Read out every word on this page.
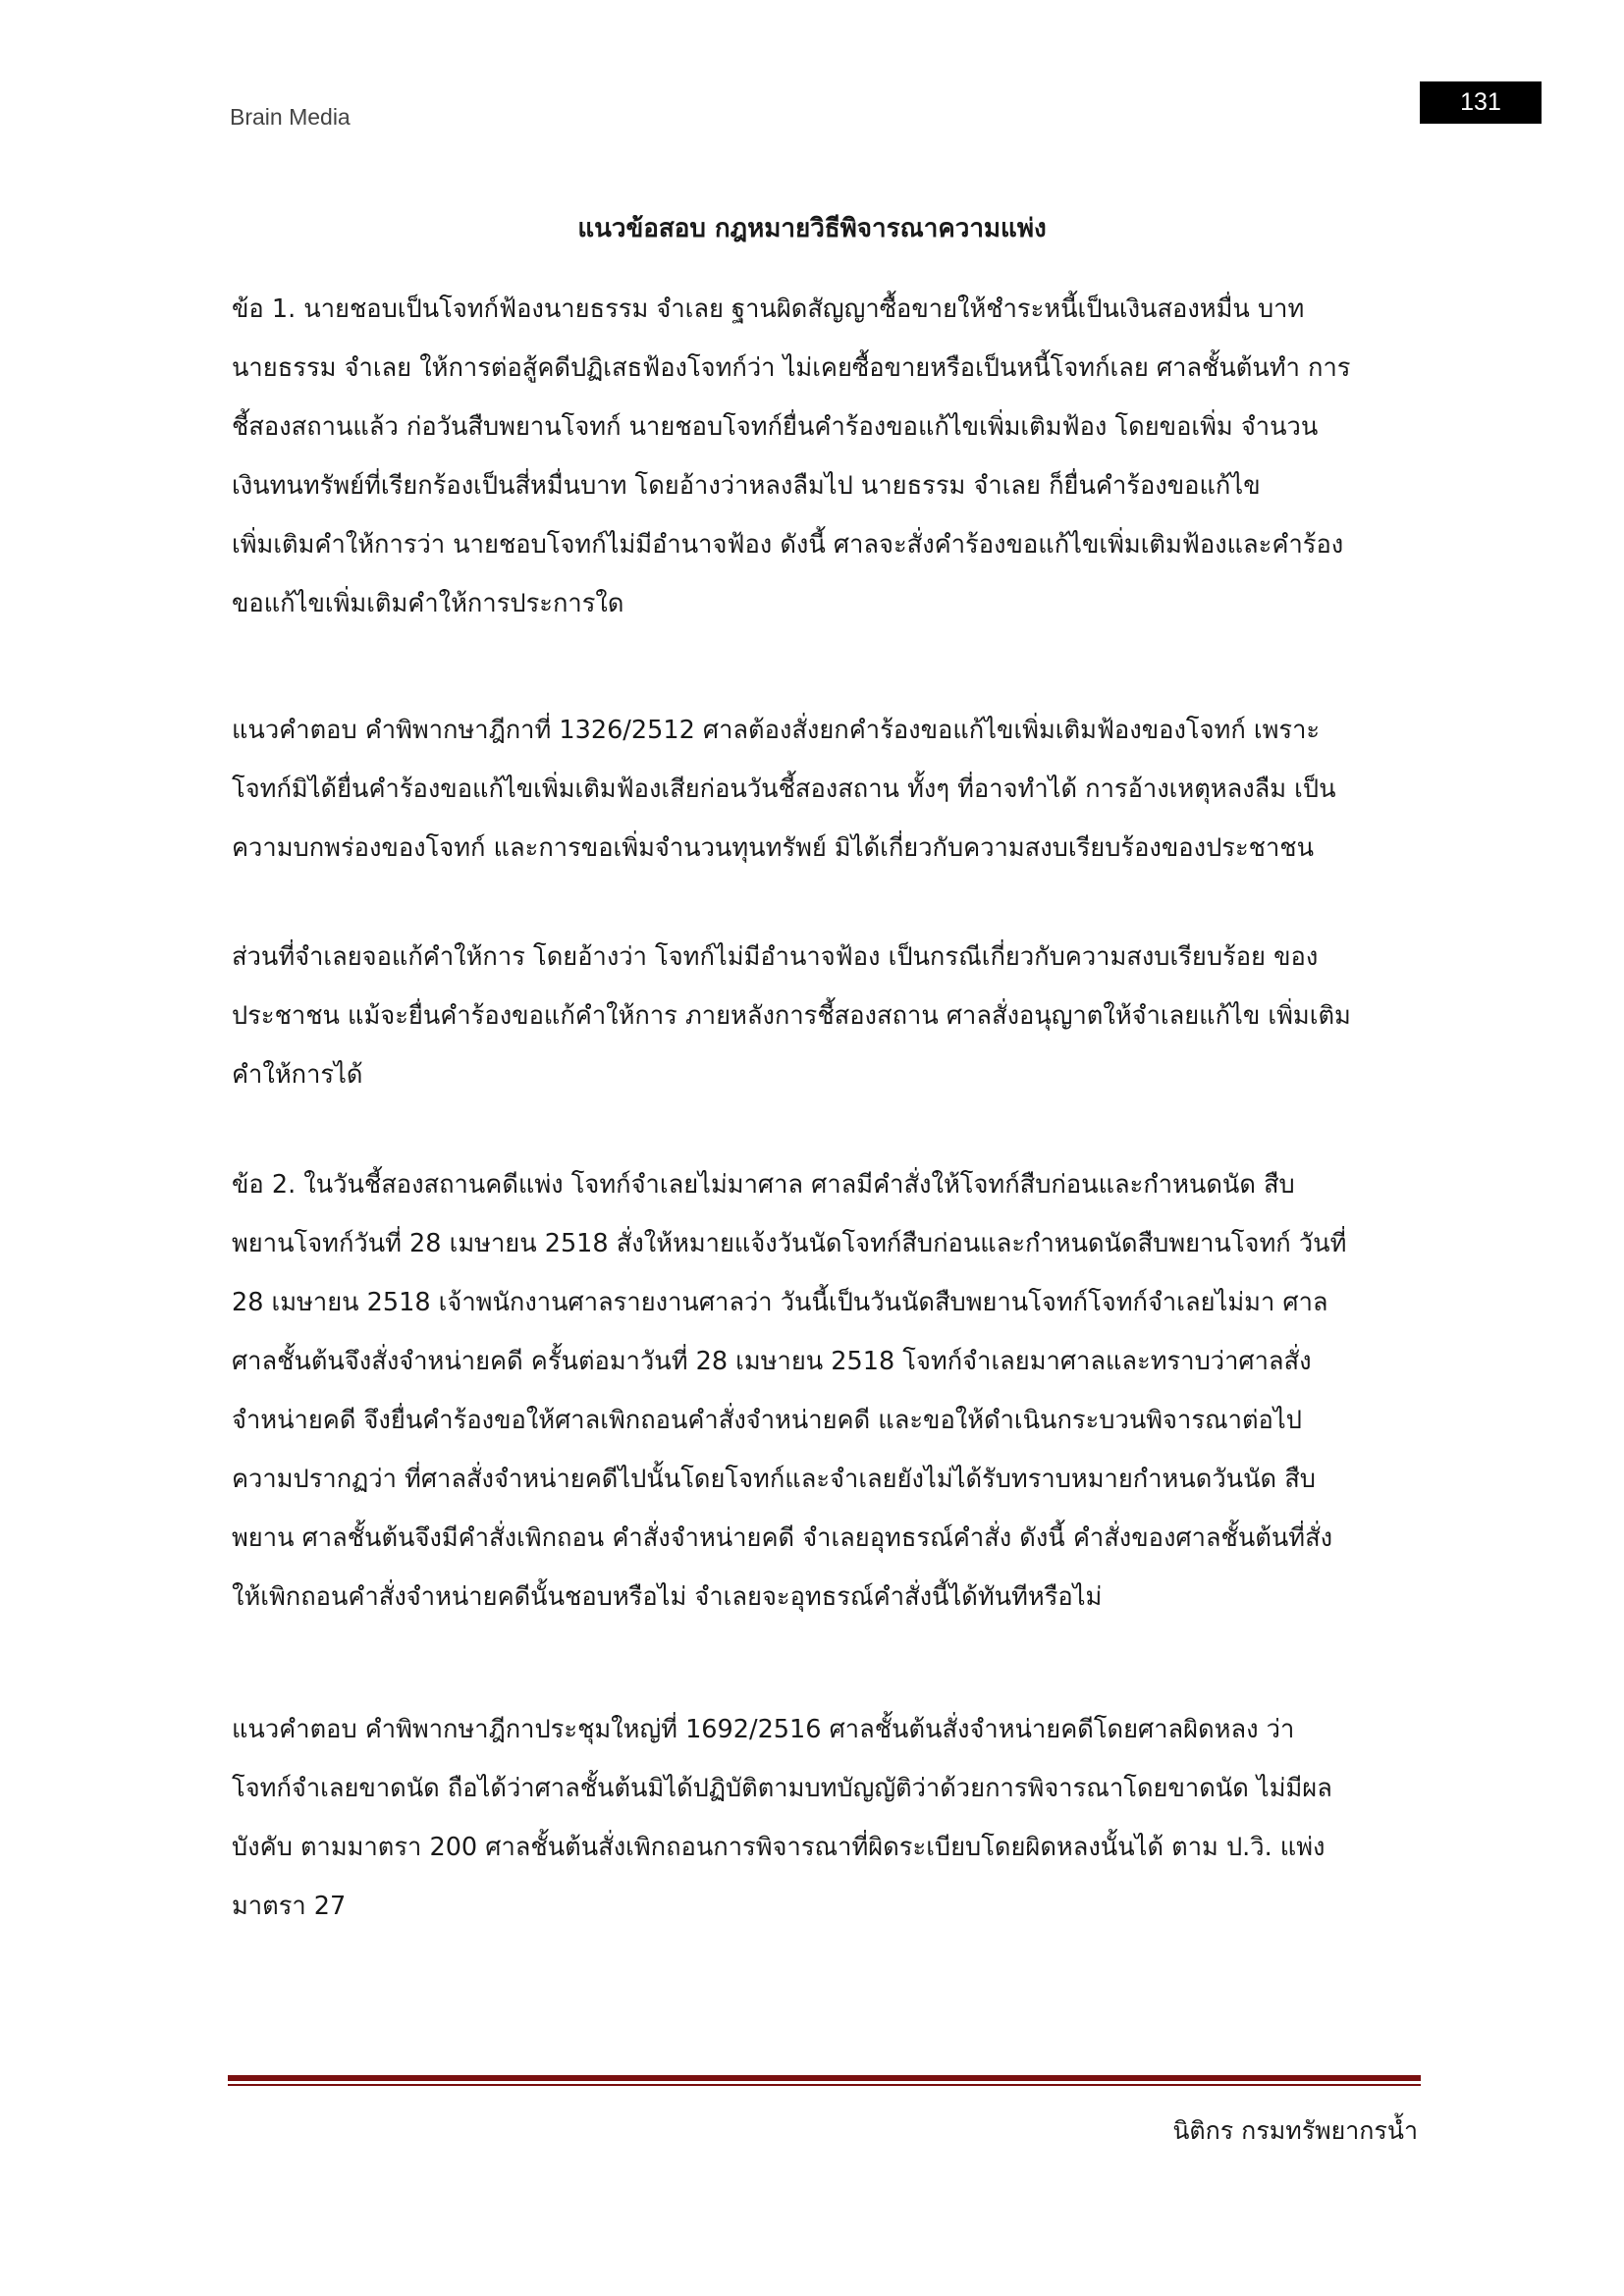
Brain Media
131
แนวข้อสอบ กฎหมายวิธีพิจารณาความแพ่ง
ข้อ 1. นายชอบเป็นโจทก์ฟ้องนายธรรม จำเลย ฐานผิดสัญญาซื้อขายให้ชำระหนี้เป็นเงินสองหมื่น บาท
นายธรรม จำเลย ให้การต่อสู้คดีปฏิเสธฟ้องโจทก์ว่า ไม่เคยซื้อขายหรือเป็นหนี้โจทก์เลย ศาลชั้นต้นทำ การ
ชี้สองสถานแล้ว ก่อวันสืบพยานโจทก์ นายชอบโจทก์ยื่นคำร้องขอแก้ไขเพิ่มเติมฟ้อง โดยขอเพิ่ม จำนวน
เงินทนทรัพย์ที่เรียกร้องเป็นสี่หมื่นบาท โดยอ้างว่าหลงลืมไป นายธรรม จำเลย ก็ยื่นคำร้องขอแก้ไข
เพิ่มเติมคำให้การว่า นายชอบโจทก์ไม่มีอำนาจฟ้อง ดังนี้ ศาลจะสั่งคำร้องขอแก้ไขเพิ่มเติมฟ้องและคำร้อง
ขอแก้ไขเพิ่มเติมคำให้การประการใด
แนวคำตอบ คำพิพากษาฎีกาที่ 1326/2512 ศาลต้องสั่งยกคำร้องขอแก้ไขเพิ่มเติมฟ้องของโจทก์ เพราะ
โจทก์มิได้ยื่นคำร้องขอแก้ไขเพิ่มเติมฟ้องเสียก่อนวันชี้สองสถาน ทั้งๆ ที่อาจทำได้ การอ้างเหตุหลงลืม เป็น
ความบกพร่องของโจทก์ และการขอเพิ่มจำนวนทุนทรัพย์ มิได้เกี่ยวกับความสงบเรียบร้องของประชาชน
ส่วนที่จำเลยจอแก้คำให้การ โดยอ้างว่า โจทก์ไม่มีอำนาจฟ้อง เป็นกรณีเกี่ยวกับความสงบเรียบร้อย ของ
ประชาชน แม้จะยื่นคำร้องขอแก้คำให้การ ภายหลังการชี้สองสถาน ศาลสั่งอนุญาตให้จำเลยแก้ไข เพิ่มเติม
คำให้การได้
ข้อ 2. ในวันชี้สองสถานคดีแพ่ง โจทก์จำเลยไม่มาศาล ศาลมีคำสั่งให้โจทก์สืบก่อนและกำหนดนัด สืบ
พยานโจทก์วันที่ 28 เมษายน 2518 สั่งให้หมายแจ้งวันนัดโจทก์สืบก่อนและกำหนดนัดสืบพยานโจทก์ วันที่
28 เมษายน 2518 เจ้าพนักงานศาลรายงานศาลว่า วันนี้เป็นวันนัดสืบพยานโจทก์โจทก์จำเลยไม่มา ศาล
ศาลชั้นต้นจึงสั่งจำหน่ายคดี ครั้นต่อมาวันที่ 28 เมษายน 2518 โจทก์จำเลยมาศาลและทราบว่าศาลสั่ง
จำหน่ายคดี จึงยื่นคำร้องขอให้ศาลเพิกถอนคำสั่งจำหน่ายคดี และขอให้ดำเนินกระบวนพิจารณาต่อไป
ความปรากฏว่า ที่ศาลสั่งจำหน่ายคดีไปนั้นโดยโจทก์และจำเลยยังไม่ได้รับทราบหมายกำหนดวันนัด สืบ
พยาน ศาลชั้นต้นจึงมีคำสั่งเพิกถอน คำสั่งจำหน่ายคดี จำเลยอุทธรณ์คำสั่ง ดังนี้ คำสั่งของศาลชั้นต้นที่สั่ง
ให้เพิกถอนคำสั่งจำหน่ายคดีนั้นชอบหรือไม่ จำเลยจะอุทธรณ์คำสั่งนี้ได้ทันทีหรือไม่
แนวคำตอบ คำพิพากษาฎีกาประชุมใหญ่ที่ 1692/2516 ศาลชั้นต้นสั่งจำหน่ายคดีโดยศาลผิดหลง ว่า
โจทก์จำเลยขาดนัด ถือได้ว่าศาลชั้นต้นมิได้ปฏิบัติตามบทบัญญัติว่าด้วยการพิจารณาโดยขาดนัด ไม่มีผล
บังคับ ตามมาตรา 200 ศาลชั้นต้นสั่งเพิกถอนการพิจารณาที่ผิดระเบียบโดยผิดหลงนั้นได้ ตาม ป.วิ. แพ่ง
มาตรา 27
นิติกร กรมทรัพยากรน้ำ
